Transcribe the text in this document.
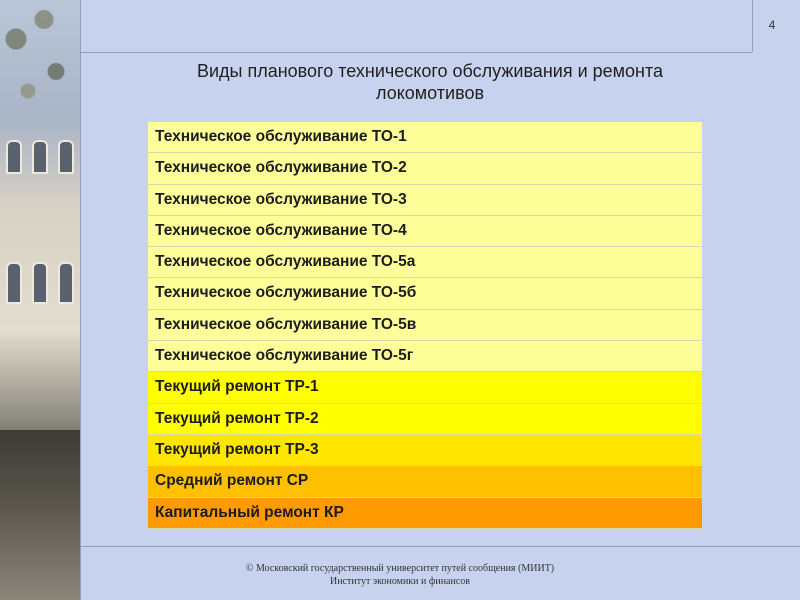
4
Виды планового технического обслуживания и ремонта
локомотивов
Техническое обслуживание ТО-1
Техническое обслуживание ТО-2
Техническое обслуживание ТО-3
Техническое обслуживание ТО-4
Техническое обслуживание ТО-5а
Техническое обслуживание ТО-5б
Техническое обслуживание ТО-5в
Техническое обслуживание ТО-5г
Текущий ремонт ТР-1
Текущий ремонт ТР-2
Текущий ремонт ТР-3
Средний ремонт СР
Капитальный ремонт КР
© Московский государственный университет путей сообщения (МИИТ)
Институт экономики и финансов
